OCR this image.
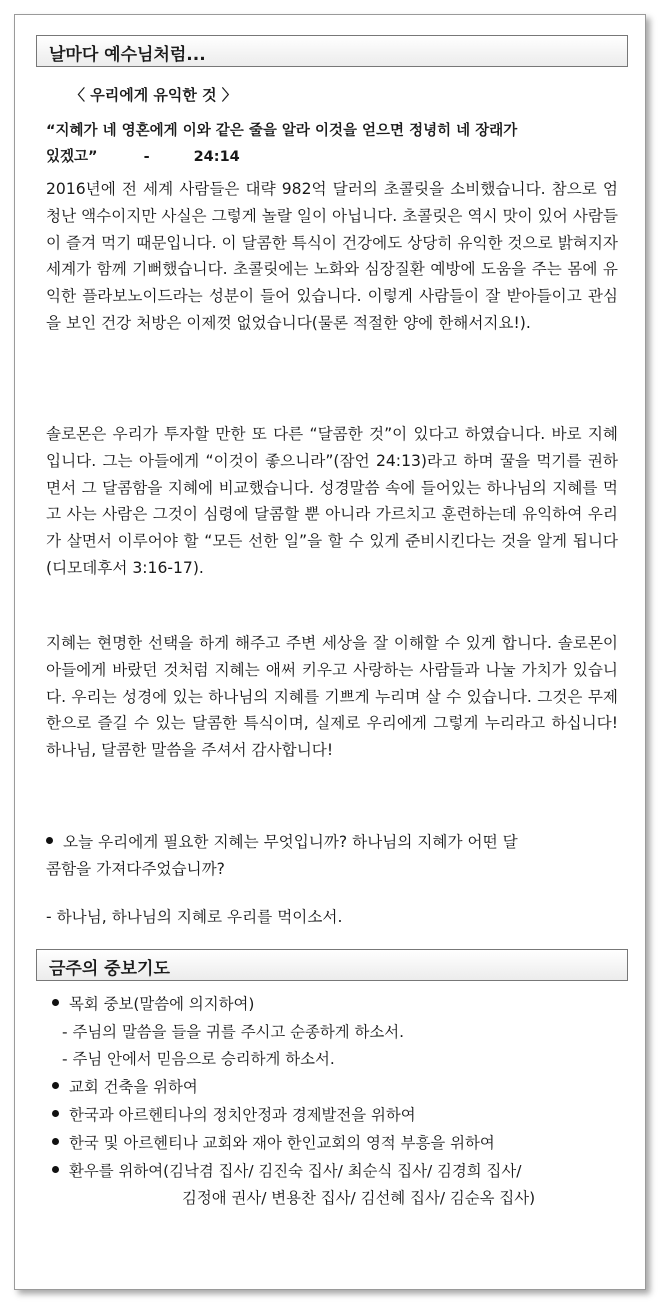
날마다 예수님처럼...
〈 우리에게 유익한 것 〉
“지혜가 네 영혼에게 이와 같은 줄을 알라 이것을 얻으면 정녕히 네 장래가
있겠고”	-	24:14

2016년에 전 세계 사람들은 대략 982억 달러의 초콜릿을 소비했습니다. 참으로 엄청난 액수이지만 사실은 그렇게 놀랄 일이 아닙니다. 초콜릿은 역시 맛이 있어 사람들이 즐겨 먹기 때문입니다. 이 달콤한 특식이 건강에도 상당히 유익한 것으로 밝혀지자 세계가 함께 기뻐했습니다. 초콜릿에는 노화와 심장질환 예방에 도움을 주는 몸에 유익한 플라보노이드라는 성분이 들어 있습니다. 이렇게 사람들이 잘 받아들이고 관심을 보인 건강 처방은 이제껏 없었습니다(물론 적절한 양에 한해서지요!).

솔로몬은 우리가 투자할 만한 또 다른 “달콤한 것”이 있다고 하였습니다. 바로 지혜입니다. 그는 아들에게 “이것이 좋으니라”(잠언 24:13)라고 하며 꿀을 먹기를 권하면서 그 달콤함을 지혜에 비교했습니다. 성경말씀 속에 들어있는 하나님의 지혜를 먹고 사는 사람은 그것이 심령에 달콤할 뿐 아니라 가르치고 훈련하는데 유익하여 우리가 살면서 이루어야 할 “모든 선한 일”을 할 수 있게 준비시킨다는 것을 알게 됩니다 (디모데후서 3:16-17).

지혜는 현명한 선택을 하게 해주고 주변 세상을 잘 이해할 수 있게 합니다. 솔로몬이 아들에게 바랐던 것처럼 지혜는 애써 키우고 사랑하는 사람들과 나눌 가치가 있습니다. 우리는 성경에 있는 하나님의 지혜를 기쁘게 누리며 살 수 있습니다. 그것은 무제한으로 즐길 수 있는 달콤한 특식이며, 실제로 우리에게 그렇게 누리라고 하십니다! 하나님, 달콤한 말씀을 주셔서 감사합니다!

오늘 우리에게 필요한 지혜는 무엇입니까? 하나님의 지혜가 어떤 달
콤함을 가져다주었습니까?
- 하나님, 하나님의 지혜로 우리를 먹이소서.
금주의 중보기도
목회 중보(말씀에 의지하여)
- 주님의 말씀을 들을 귀를 주시고 순종하게 하소서.
- 주님 안에서 믿음으로 승리하게 하소서.
교회 건축을 위하여
한국과 아르헨티나의 정치안정과 경제발전을 위하여
한국 및 아르헨티나 교회와 재아 한인교회의 영적 부흥을 위하여
환우를 위하여(김낙겸 집사/ 김진숙 집사/ 최순식 집사/ 김경희 집사/
김정애 권사/ 변용찬 집사/ 김선혜 집사/ 김순옥 집사)
